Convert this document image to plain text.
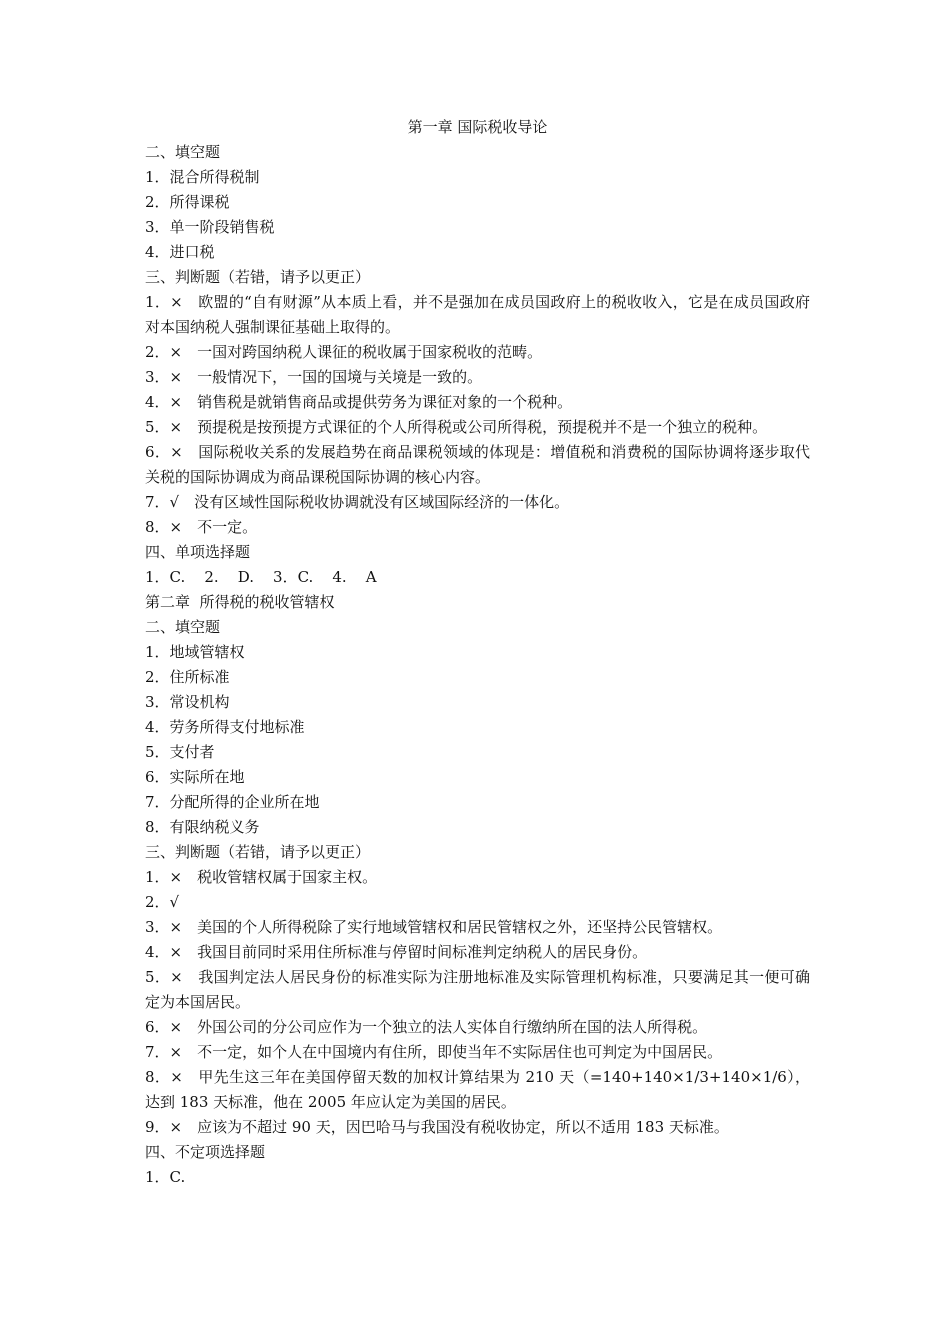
第一章 国际税收导论
二、填空题
1．混合所得税制
2．所得课税
3．单一阶段销售税
4．进口税
三、判断题（若错，请予以更正）
1．×　欧盟的“自有财源”从本质上看，并不是强加在成员国政府上的税收收入，它是在成员国政府对本国纳税人强制课征基础上取得的。
2．×　一国对跨国纳税人课征的税收属于国家税收的范畴。
3．×　一般情况下，一国的国境与关境是一致的。
4．×　销售税是就销售商品或提供劳务为课征对象的一个税种。
5．×　预提税是按预提方式课征的个人所得税或公司所得税，预提税并不是一个独立的税种。
6．×　国际税收关系的发展趋势在商品课税领域的体现是：增值税和消费税的国际协调将逐步取代关税的国际协调成为商品课税国际协调的核心内容。
7．√　没有区域性国际税收协调就没有区域国际经济的一体化。
8．×　不一定。
四、单项选择题
1．C.    2.    D.    3．C.    4.    A
第二章  所得税的税收管辖权
二、填空题
1．地域管辖权
2．住所标准
3．常设机构
4．劳务所得支付地标准
5．支付者
6．实际所在地
7．分配所得的企业所在地
8．有限纳税义务
三、判断题（若错，请予以更正）
1．×　税收管辖权属于国家主权。
2．√
3．×　美国的个人所得税除了实行地域管辖权和居民管辖权之外，还坚持公民管辖权。
4．×　我国目前同时采用住所标准与停留时间标准判定纳税人的居民身份。
5．×　我国判定法人居民身份的标准实际为注册地标准及实际管理机构标准，只要满足其一便可确定为本国居民。
6．×　外国公司的分公司应作为一个独立的法人实体自行缴纳所在国的法人所得税。
7．×　不一定，如个人在中国境内有住所，即使当年不实际居住也可判定为中国居民。
8．×　甲先生这三年在美国停留天数的加权计算结果为 210 天（=140+140×1/3+140×1/6），达到 183 天标准，他在 2005 年应认定为美国的居民。
9．×　应该为不超过 90 天，因巴哈马与我国没有税收协定，所以不适用 183 天标准。
四、不定项选择题
1．C.
